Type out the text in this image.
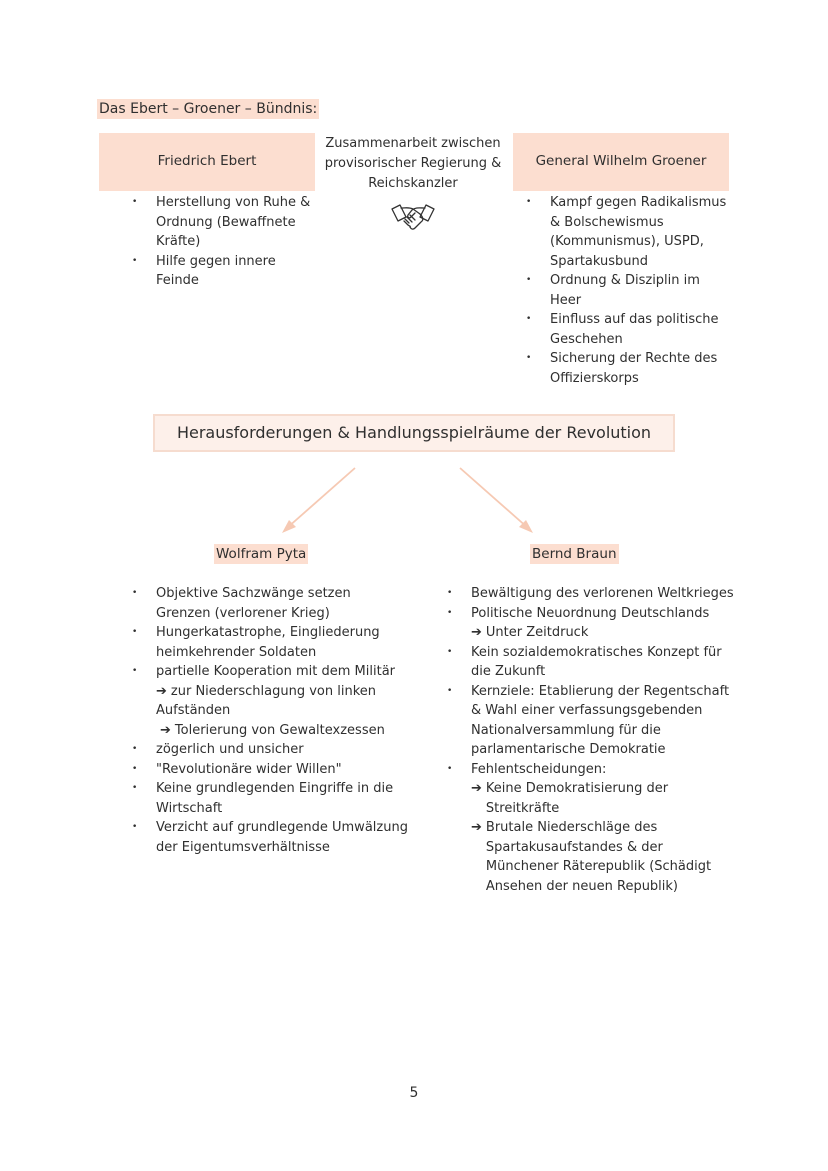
Das Ebert – Groener – Bündnis:
Friedrich Ebert
• Herstellung von Ruhe & Ordnung (Bewaffnete Kräfte)
• Hilfe gegen innere Feinde
Zusammenarbeit zwischen provisorischer Regierung & Reichskanzler
General Wilhelm Groener
• Kampf gegen Radikalismus & Bolschewismus (Kommunismus), USPD, Spartakusbund
• Ordnung & Disziplin im Heer
• Einfluss auf das politische Geschehen
• Sicherung der Rechte des Offizierskorps
Herausforderungen & Handlungsspielräume der Revolution
Wolfram Pyta	Bernd Braun
• Objektive Sachzwänge setzen Grenzen (verlorener Krieg)
• Hungerkatastrophe, Eingliederung heimkehrender Soldaten
• partielle Kooperation mit dem Militär
➔ zur Niederschlagung von linken Aufständen
➔ Tolerierung von Gewaltexzessen
• zögerlich und unsicher
• "Revolutionäre wider Willen"
• Keine grundlegenden Eingriffe in die Wirtschaft
• Verzicht auf grundlegende Umwälzung der Eigentumsverhältnisse
• Bewältigung des verlorenen Weltkrieges
• Politische Neuordnung Deutschlands
➔ Unter Zeitdruck
• Kein sozialdemokratisches Konzept für die Zukunft
• Kernziele: Etablierung der Regentschaft & Wahl einer verfassungsgebenden Nationalversammlung für die parlamentarische Demokratie
• Fehlentscheidungen:
➔ Keine Demokratisierung der Streitkräfte
➔ Brutale Niederschläge des Spartakusaufstandes & der Münchener Räterepublik (Schädigt Ansehen der neuen Republik)
5
